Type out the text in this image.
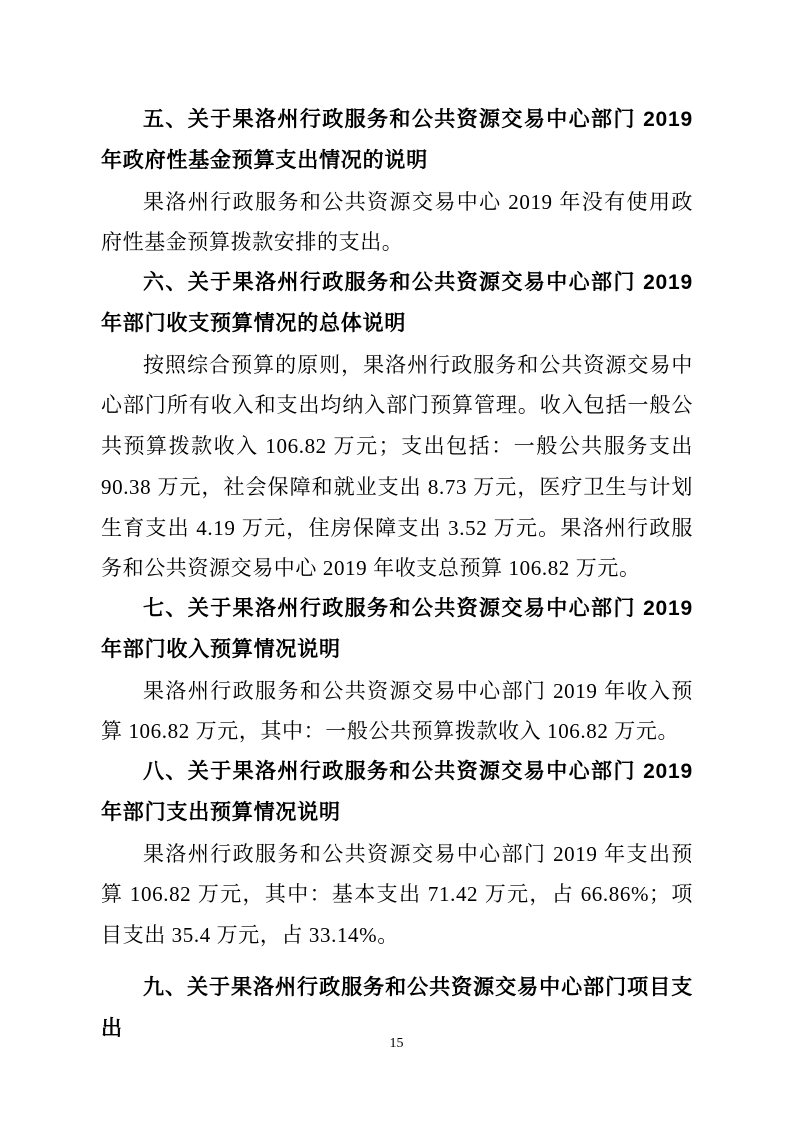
五、关于果洛州行政服务和公共资源交易中心部门 2019 年政府性基金预算支出情况的说明

果洛州行政服务和公共资源交易中心 2019 年没有使用政府性基金预算拨款安排的支出。

六、关于果洛州行政服务和公共资源交易中心部门 2019 年部门收支预算情况的总体说明

按照综合预算的原则，果洛州行政服务和公共资源交易中心部门所有收入和支出均纳入部门预算管理。收入包括一般公共预算拨款收入 106.82 万元；支出包括：一般公共服务支出 90.38 万元，社会保障和就业支出 8.73 万元，医疗卫生与计划生育支出 4.19 万元，住房保障支出 3.52 万元。果洛州行政服务和公共资源交易中心 2019 年收支总预算 106.82 万元。

七、关于果洛州行政服务和公共资源交易中心部门 2019 年部门收入预算情况说明

果洛州行政服务和公共资源交易中心部门 2019 年收入预算 106.82 万元，其中：一般公共预算拨款收入 106.82 万元。

八、关于果洛州行政服务和公共资源交易中心部门 2019 年部门支出预算情况说明

果洛州行政服务和公共资源交易中心部门 2019 年支出预算 106.82 万元，其中：基本支出 71.42 万元，占 66.86%；项目支出 35.4 万元，占 33.14%。

九、关于果洛州行政服务和公共资源交易中心部门项目支出

15
